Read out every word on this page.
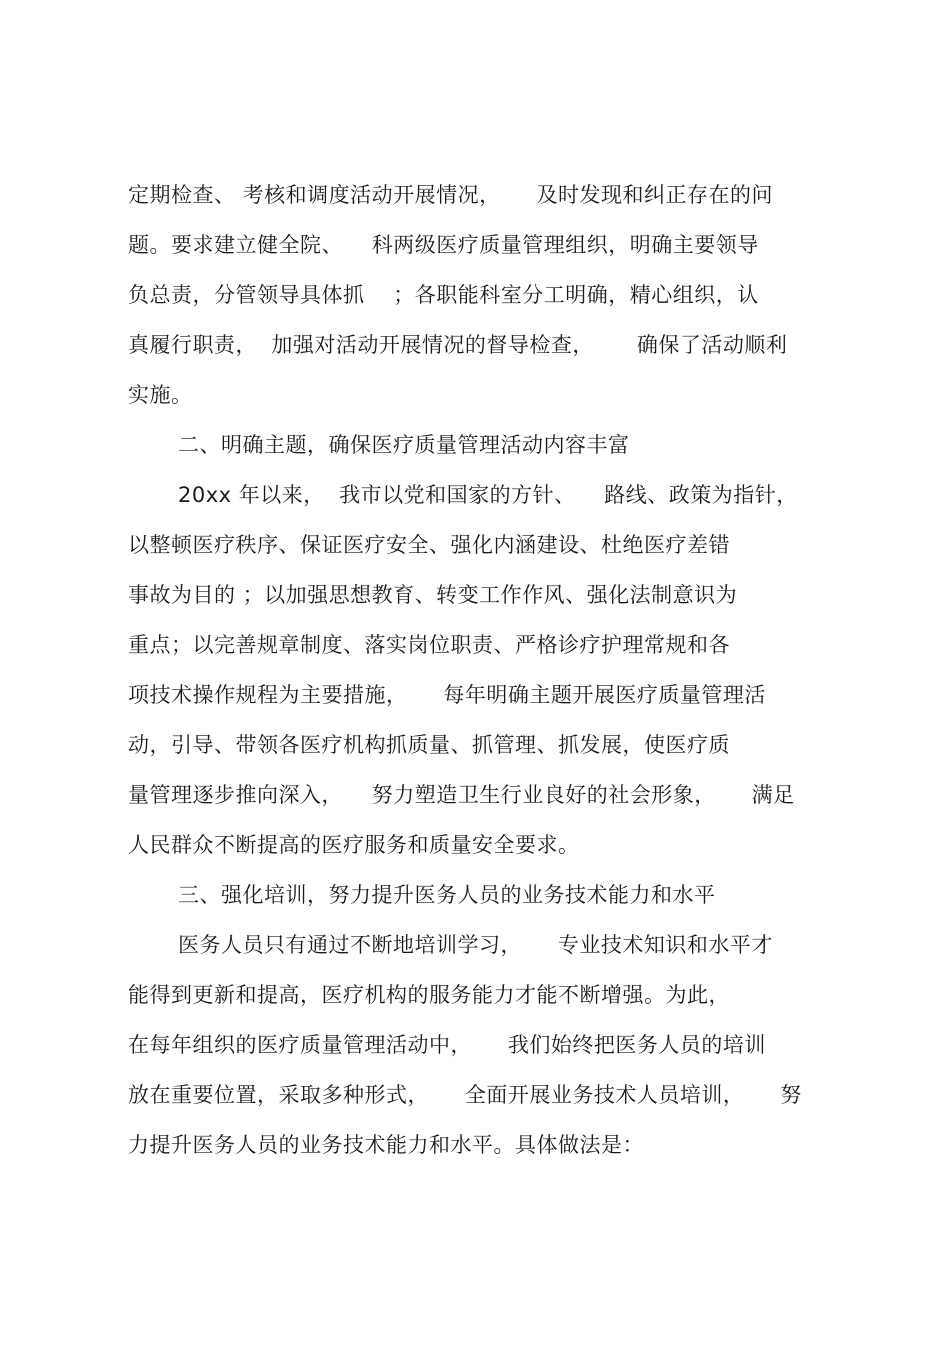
定期检查、 考核和调度活动开展情况，     及时发现和纠正存在的问
题。要求建立健全院、    科两级医疗质量管理组织，明确主要领导
负总责，分管领导具体抓    ；各职能科室分工明确，精心组织，认
真履行职责，  加强对活动开展情况的督导检查，      确保了活动顺利
实施。
二、明确主题，确保医疗质量管理活动内容丰富
20xx 年以来，  我市以党和国家的方针、    路线、政策为指针，
以整顿医疗秩序、保证医疗安全、强化内涵建设、杜绝医疗差错
事故为目的 ；以加强思想教育、转变工作作风、强化法制意识为
重点；以完善规章制度、落实岗位职责、严格诊疗护理常规和各
项技术操作规程为主要措施，     每年明确主题开展医疗质量管理活
动，引导、带领各医疗机构抓质量、抓管理、抓发展，使医疗质
量管理逐步推向深入，    努力塑造卫生行业良好的社会形象，     满足
人民群众不断提高的医疗服务和质量安全要求。
三、强化培训，努力提升医务人员的业务技术能力和水平
医务人员只有通过不断地培训学习，     专业技术知识和水平才
能得到更新和提高，医疗机构的服务能力才能不断增强。为此，
在每年组织的医疗质量管理活动中，     我们始终把医务人员的培训
放在重要位置，采取多种形式，     全面开展业务技术人员培训，     努
力提升医务人员的业务技术能力和水平。具体做法是：
